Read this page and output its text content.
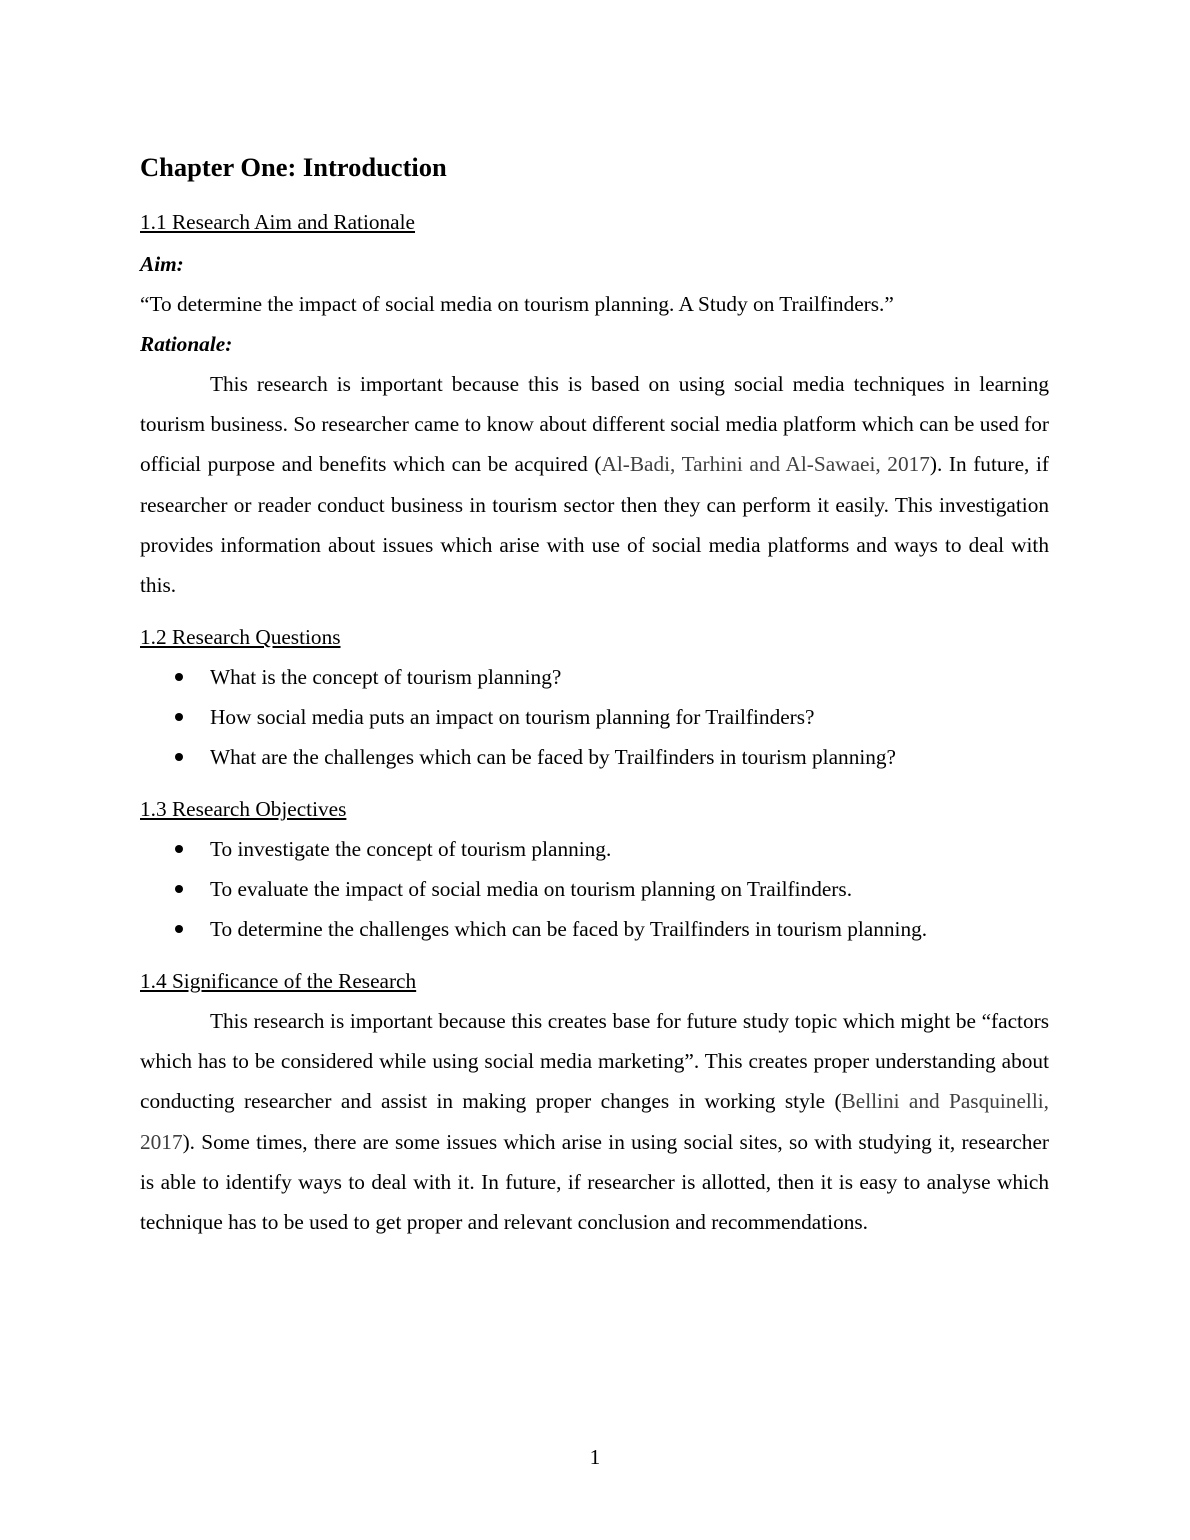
Chapter One: Introduction
1.1 Research Aim and Rationale
Aim:
“To determine the impact of social media on tourism planning. A Study on Trailfinders.”
Rationale:

This research is important because this is based on using social media techniques in learning tourism business. So researcher came to know about different social media platform which can be used for official purpose and benefits which can be acquired (Al-Badi, Tarhini and Al-Sawaei, 2017). In future, if researcher or reader conduct business in tourism sector then they can perform it easily. This investigation provides information about issues which arise with use of social media platforms and ways to deal with this.

1.2 Research Questions
What is the concept of tourism planning?
How social media puts an impact on tourism planning for Trailfinders?
What are the challenges which can be faced by Trailfinders in tourism planning?
1.3 Research Objectives
To investigate the concept of tourism planning.
To evaluate the impact of social media on tourism planning on Trailfinders.
To determine the challenges which can be faced by Trailfinders in tourism planning.
1.4 Significance of the Research

This research is important because this creates base for future study topic which might be “factors which has to be considered while using social media marketing”. This creates proper understanding about conducting researcher and assist in making proper changes in working style (Bellini and Pasquinelli, 2017). Some times, there are some issues which arise in using social sites, so with studying it, researcher is able to identify ways to deal with it. In future, if researcher is allotted, then it is easy to analyse which technique has to be used to get proper and relevant conclusion and recommendations.

1
